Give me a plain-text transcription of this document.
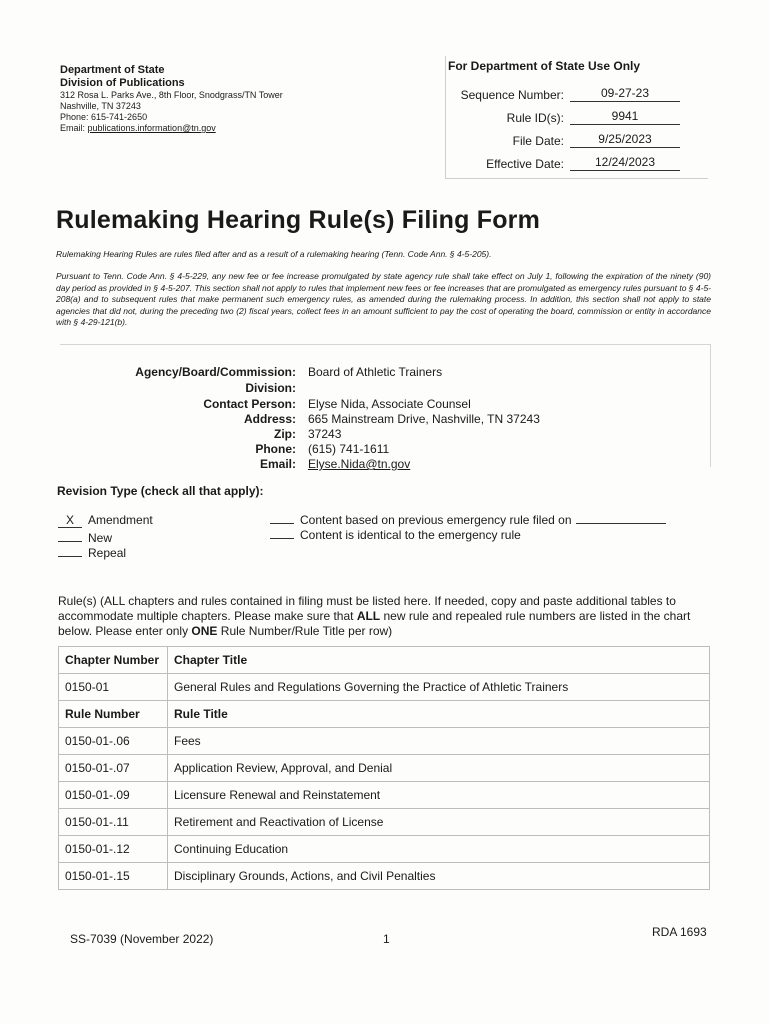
Department of State
Division of Publications
312 Rosa L. Parks Ave., 8th Floor, Snodgrass/TN Tower
Nashville, TN 37243
Phone: 615-741-2650
Email: publications.information@tn.gov
For Department of State Use Only
Sequence Number:	09-27-23
Rule ID(s):	9941
File Date:	9/25/2023
Effective Date:	12/24/2023
Rulemaking Hearing Rule(s) Filing Form
Rulemaking Hearing Rules are rules filed after and as a result of a rulemaking hearing (Tenn. Code Ann. § 4-5-205).
Pursuant to Tenn. Code Ann. § 4-5-229, any new fee or fee increase promulgated by state agency rule shall take effect on July 1, following the expiration of the ninety (90) day period as provided in § 4-5-207. This section shall not apply to rules that implement new fees or fee increases that are promulgated as emergency rules pursuant to § 4-5-208(a) and to subsequent rules that make permanent such emergency rules, as amended during the rulemaking process. In addition, this section shall not apply to state agencies that did not, during the preceding two (2) fiscal years, collect fees in an amount sufficient to pay the cost of operating the board, commission or entity in accordance with § 4-29-121(b).
Agency/Board/Commission: Board of Athletic Trainers
Division:
Contact Person: Elyse Nida, Associate Counsel
Address: 665 Mainstream Drive, Nashville, TN 37243
Zip: 37243
Phone: (615) 741-1611
Email: Elyse.Nida@tn.gov
Revision Type (check all that apply):
X Amendment
New
Repeal
Content based on previous emergency rule filed on
Content is identical to the emergency rule
Rule(s) (ALL chapters and rules contained in filing must be listed here. If needed, copy and paste additional tables to accommodate multiple chapters. Please make sure that ALL new rule and repealed rule numbers are listed in the chart below. Please enter only ONE Rule Number/Rule Title per row)
Chapter Number	Chapter Title
0150-01	General Rules and Regulations Governing the Practice of Athletic Trainers
Rule Number	Rule Title
0150-01-.06	Fees
0150-01-.07	Application Review, Approval, and Denial
0150-01-.09	Licensure Renewal and Reinstatement
0150-01-.11	Retirement and Reactivation of License
0150-01-.12	Continuing Education
0150-01-.15	Disciplinary Grounds, Actions, and Civil Penalties
SS-7039 (November 2022)	1	RDA 1693
